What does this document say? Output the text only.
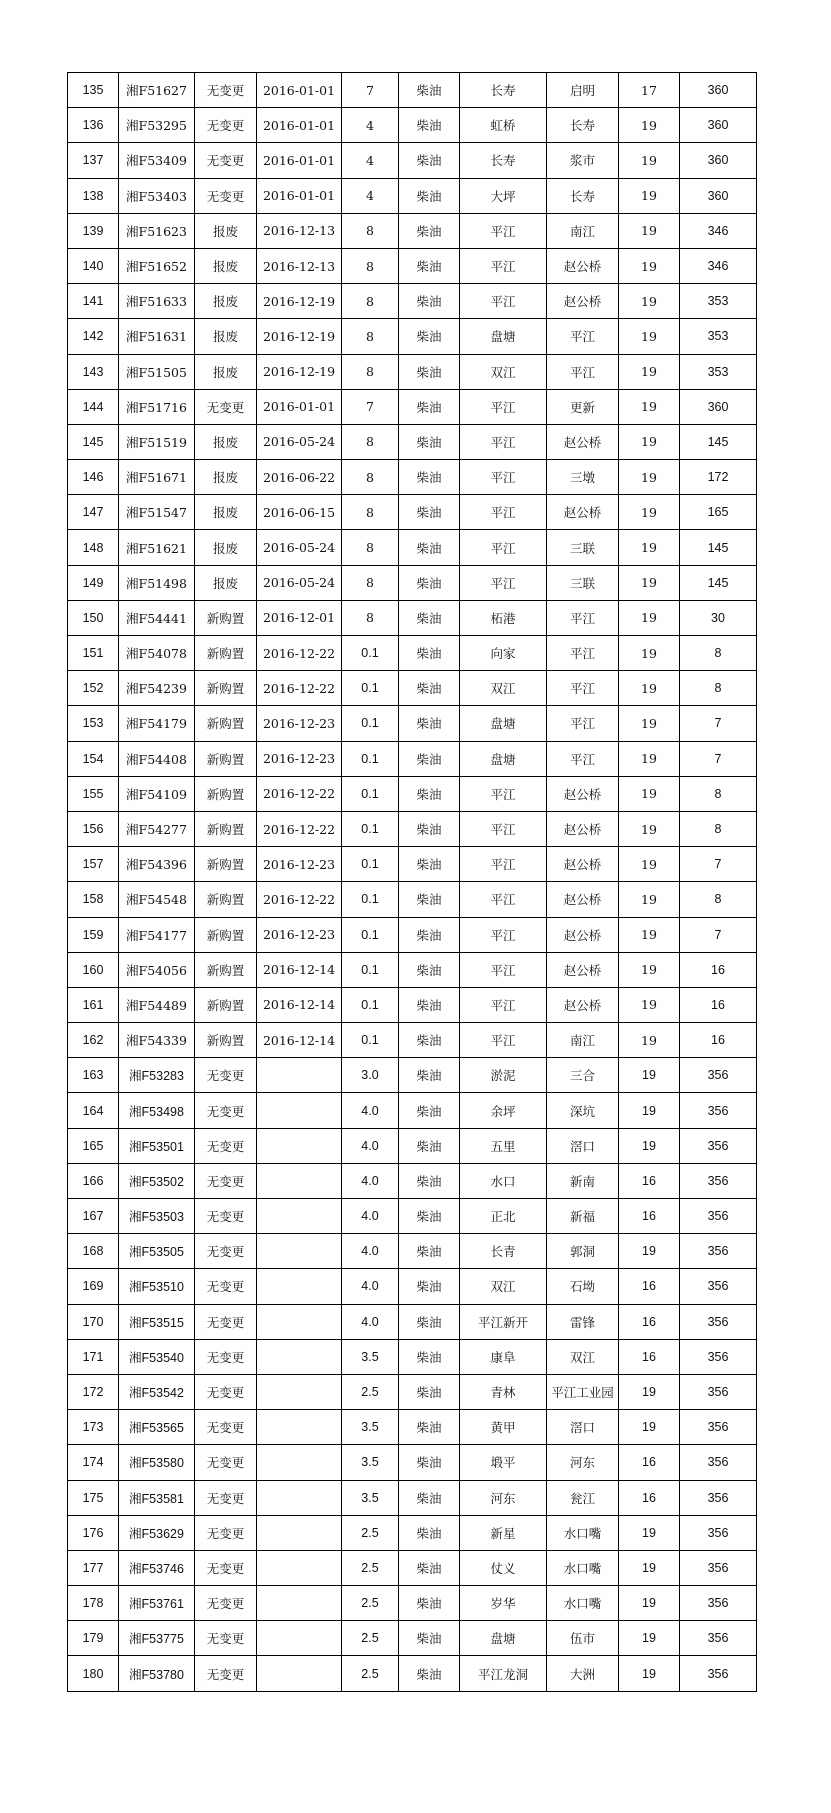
135	湘F51627	无变更	2016-01-01	7	柴油	长寿	启明	17	360
136	湘F53295	无变更	2016-01-01	4	柴油	虹桥	长寿	19	360
137	湘F53409	无变更	2016-01-01	4	柴油	长寿	浆市	19	360
138	湘F53403	无变更	2016-01-01	4	柴油	大坪	长寿	19	360
139	湘F51623	报废	2016-12-13	8	柴油	平江	南江	19	346
140	湘F51652	报废	2016-12-13	8	柴油	平江	赵公桥	19	346
141	湘F51633	报废	2016-12-19	8	柴油	平江	赵公桥	19	353
142	湘F51631	报废	2016-12-19	8	柴油	盘塘	平江	19	353
143	湘F51505	报废	2016-12-19	8	柴油	双江	平江	19	353
144	湘F51716	无变更	2016-01-01	7	柴油	平江	更新	19	360
145	湘F51519	报废	2016-05-24	8	柴油	平江	赵公桥	19	145
146	湘F51671	报废	2016-06-22	8	柴油	平江	三墩	19	172
147	湘F51547	报废	2016-06-15	8	柴油	平江	赵公桥	19	165
148	湘F51621	报废	2016-05-24	8	柴油	平江	三联	19	145
149	湘F51498	报废	2016-05-24	8	柴油	平江	三联	19	145
150	湘F54441	新购置	2016-12-01	8	柴油	柘港	平江	19	30
151	湘F54078	新购置	2016-12-22	0.1	柴油	向家	平江	19	8
152	湘F54239	新购置	2016-12-22	0.1	柴油	双江	平江	19	8
153	湘F54179	新购置	2016-12-23	0.1	柴油	盘塘	平江	19	7
154	湘F54408	新购置	2016-12-23	0.1	柴油	盘塘	平江	19	7
155	湘F54109	新购置	2016-12-22	0.1	柴油	平江	赵公桥	19	8
156	湘F54277	新购置	2016-12-22	0.1	柴油	平江	赵公桥	19	8
157	湘F54396	新购置	2016-12-23	0.1	柴油	平江	赵公桥	19	7
158	湘F54548	新购置	2016-12-22	0.1	柴油	平江	赵公桥	19	8
159	湘F54177	新购置	2016-12-23	0.1	柴油	平江	赵公桥	19	7
160	湘F54056	新购置	2016-12-14	0.1	柴油	平江	赵公桥	19	16
161	湘F54489	新购置	2016-12-14	0.1	柴油	平江	赵公桥	19	16
162	湘F54339	新购置	2016-12-14	0.1	柴油	平江	南江	19	16
163	湘F53283	无变更		3.0	柴油	淤泥	三合	19	356
164	湘F53498	无变更		4.0	柴油	余坪	深坑	19	356
165	湘F53501	无变更		4.0	柴油	五里	滘口	19	356
166	湘F53502	无变更		4.0	柴油	水口	新南	16	356
167	湘F53503	无变更		4.0	柴油	正北	新福	16	356
168	湘F53505	无变更		4.0	柴油	长青	郭洞	19	356
169	湘F53510	无变更		4.0	柴油	双江	石坳	16	356
170	湘F53515	无变更		4.0	柴油	平江新开	雷锋	16	356
171	湘F53540	无变更		3.5	柴油	康阜	双江	16	356
172	湘F53542	无变更		2.5	柴油	青林	平江工业园	19	356
173	湘F53565	无变更		3.5	柴油	黄甲	滘口	19	356
174	湘F53580	无变更		3.5	柴油	塅平	河东	16	356
175	湘F53581	无变更		3.5	柴油	河东	瓮江	16	356
176	湘F53629	无变更		2.5	柴油	新星	水口嘴	19	356
177	湘F53746	无变更		2.5	柴油	仗义	水口嘴	19	356
178	湘F53761	无变更		2.5	柴油	岁华	水口嘴	19	356
179	湘F53775	无变更		2.5	柴油	盘塘	伍市	19	356
180	湘F53780	无变更		2.5	柴油	平江龙洞	大洲	19	356
